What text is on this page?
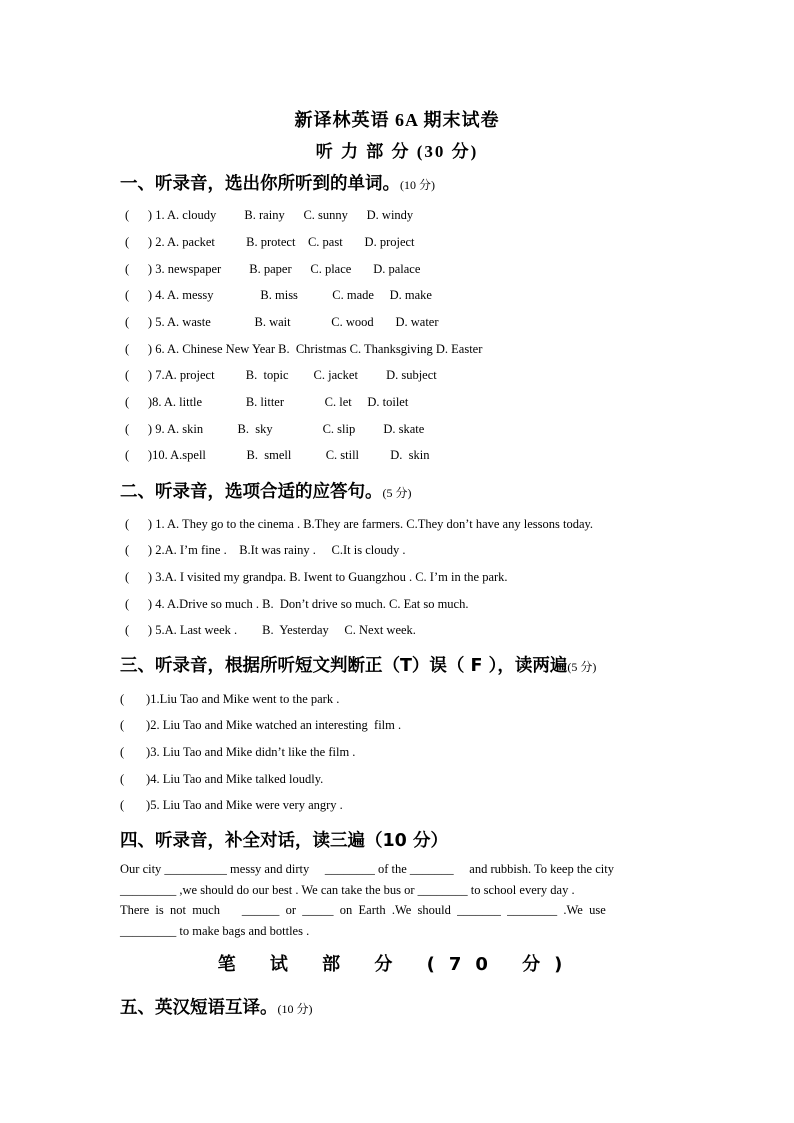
新译林英语 6A 期末试卷
听 力 部 分 (30 分)
一、听录音，选出你所听到的单词。(10 分)
(      ) 1. A. cloudy         B. rainy      C. sunny      D. windy
(      ) 2. A. packet          B. protect    C. past       D. project
(      ) 3. newspaper         B. paper      C. place       D. palace
(      ) 4. A. messy               B. miss           C. made     D. make
(      ) 5. A. waste              B. wait             C. wood       D. water
(      ) 6. A. Chinese New Year B.  Christmas C. Thanksgiving D. Easter
(      ) 7.A. project          B.  topic        C. jacket         D. subject
(      )8. A. little              B. litter             C. let     D. toilet
(      ) 9. A. skin           B.  sky                C. slip         D. skate
(      )10. A.spell             B.  smell           C. still          D.  skin
二、听录音，选项合适的应答句。(5 分)
(      ) 1. A. They go to the cinema . B.They are farmers. C.They don’t have any lessons today.
(      ) 2.A. I’m fine .    B.It was rainy .     C.It is cloudy .
(      ) 3.A. I visited my grandpa. B. Iwent to Guangzhou . C. I’m in the park.
(      ) 4. A.Drive so much . B.  Don’t drive so much. C. Eat so much.
(      ) 5.A. Last week .        B.  Yesterday     C. Next week.
三、听录音，根据所听短文判断正（T）误（ F ），读两遍(5 分)
(       )1.Liu Tao and Mike went to the park .
(       )2. Liu Tao and Mike watched an interesting  film .
(       )3. Liu Tao and Mike didn’t like the film .
(       )4. Liu Tao and Mike talked loudly.
(       )5. Liu Tao and Mike were very angry .
四、听录音，补全对话，读三遍（10 分）
Our city __________ messy and dirty     ________ of the _______     and rubbish. To keep the city
_________ ,we should do our best . We can take the bus or ________ to school every day .
There  is  not  much       ______  or  _____  on  Earth  .We  should  _______  ________  .We  use
_________ to make bags and bottles .
笔 试 部 分 (70 分)
五、英汉短语互译。(10 分)
